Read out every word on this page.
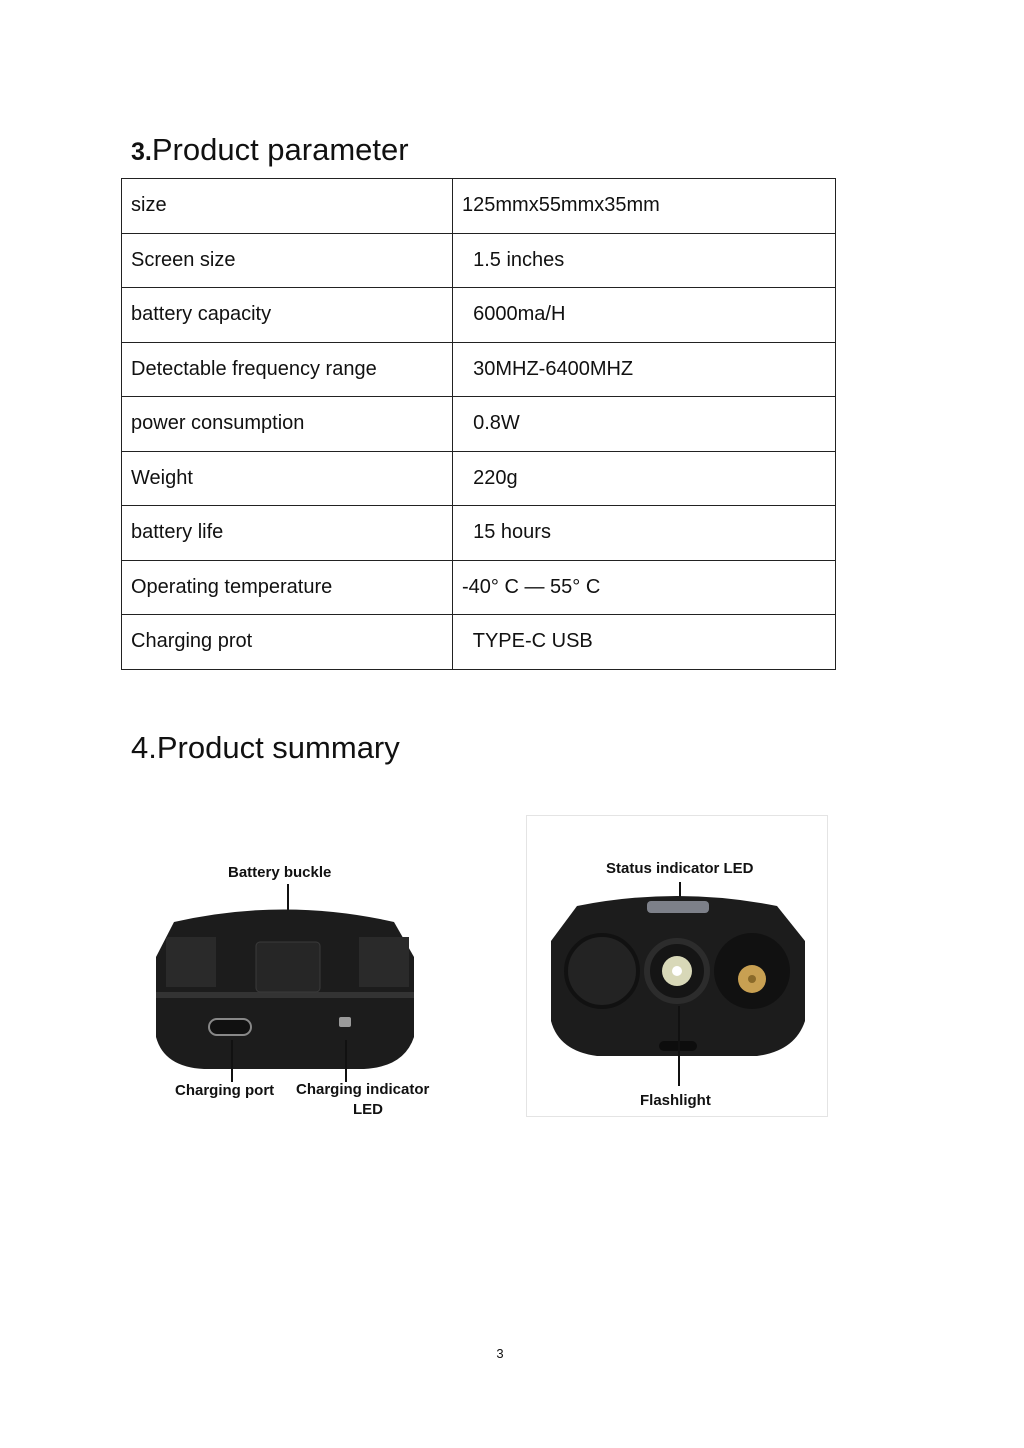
3.Product parameter
size	125mmx55mmx35mm
Screen size	1.5 inches
battery capacity	6000ma/H
Detectable frequency range	30MHZ-6400MHZ
power consumption	0.8W
Weight	220g
battery life	15 hours
Operating temperature	-40° C — 55° C
Charging prot	TYPE-C USB
4.Product summary
Battery buckle
Charging port Charging indicator
LED
Status indicator LED
Flashlight
3
